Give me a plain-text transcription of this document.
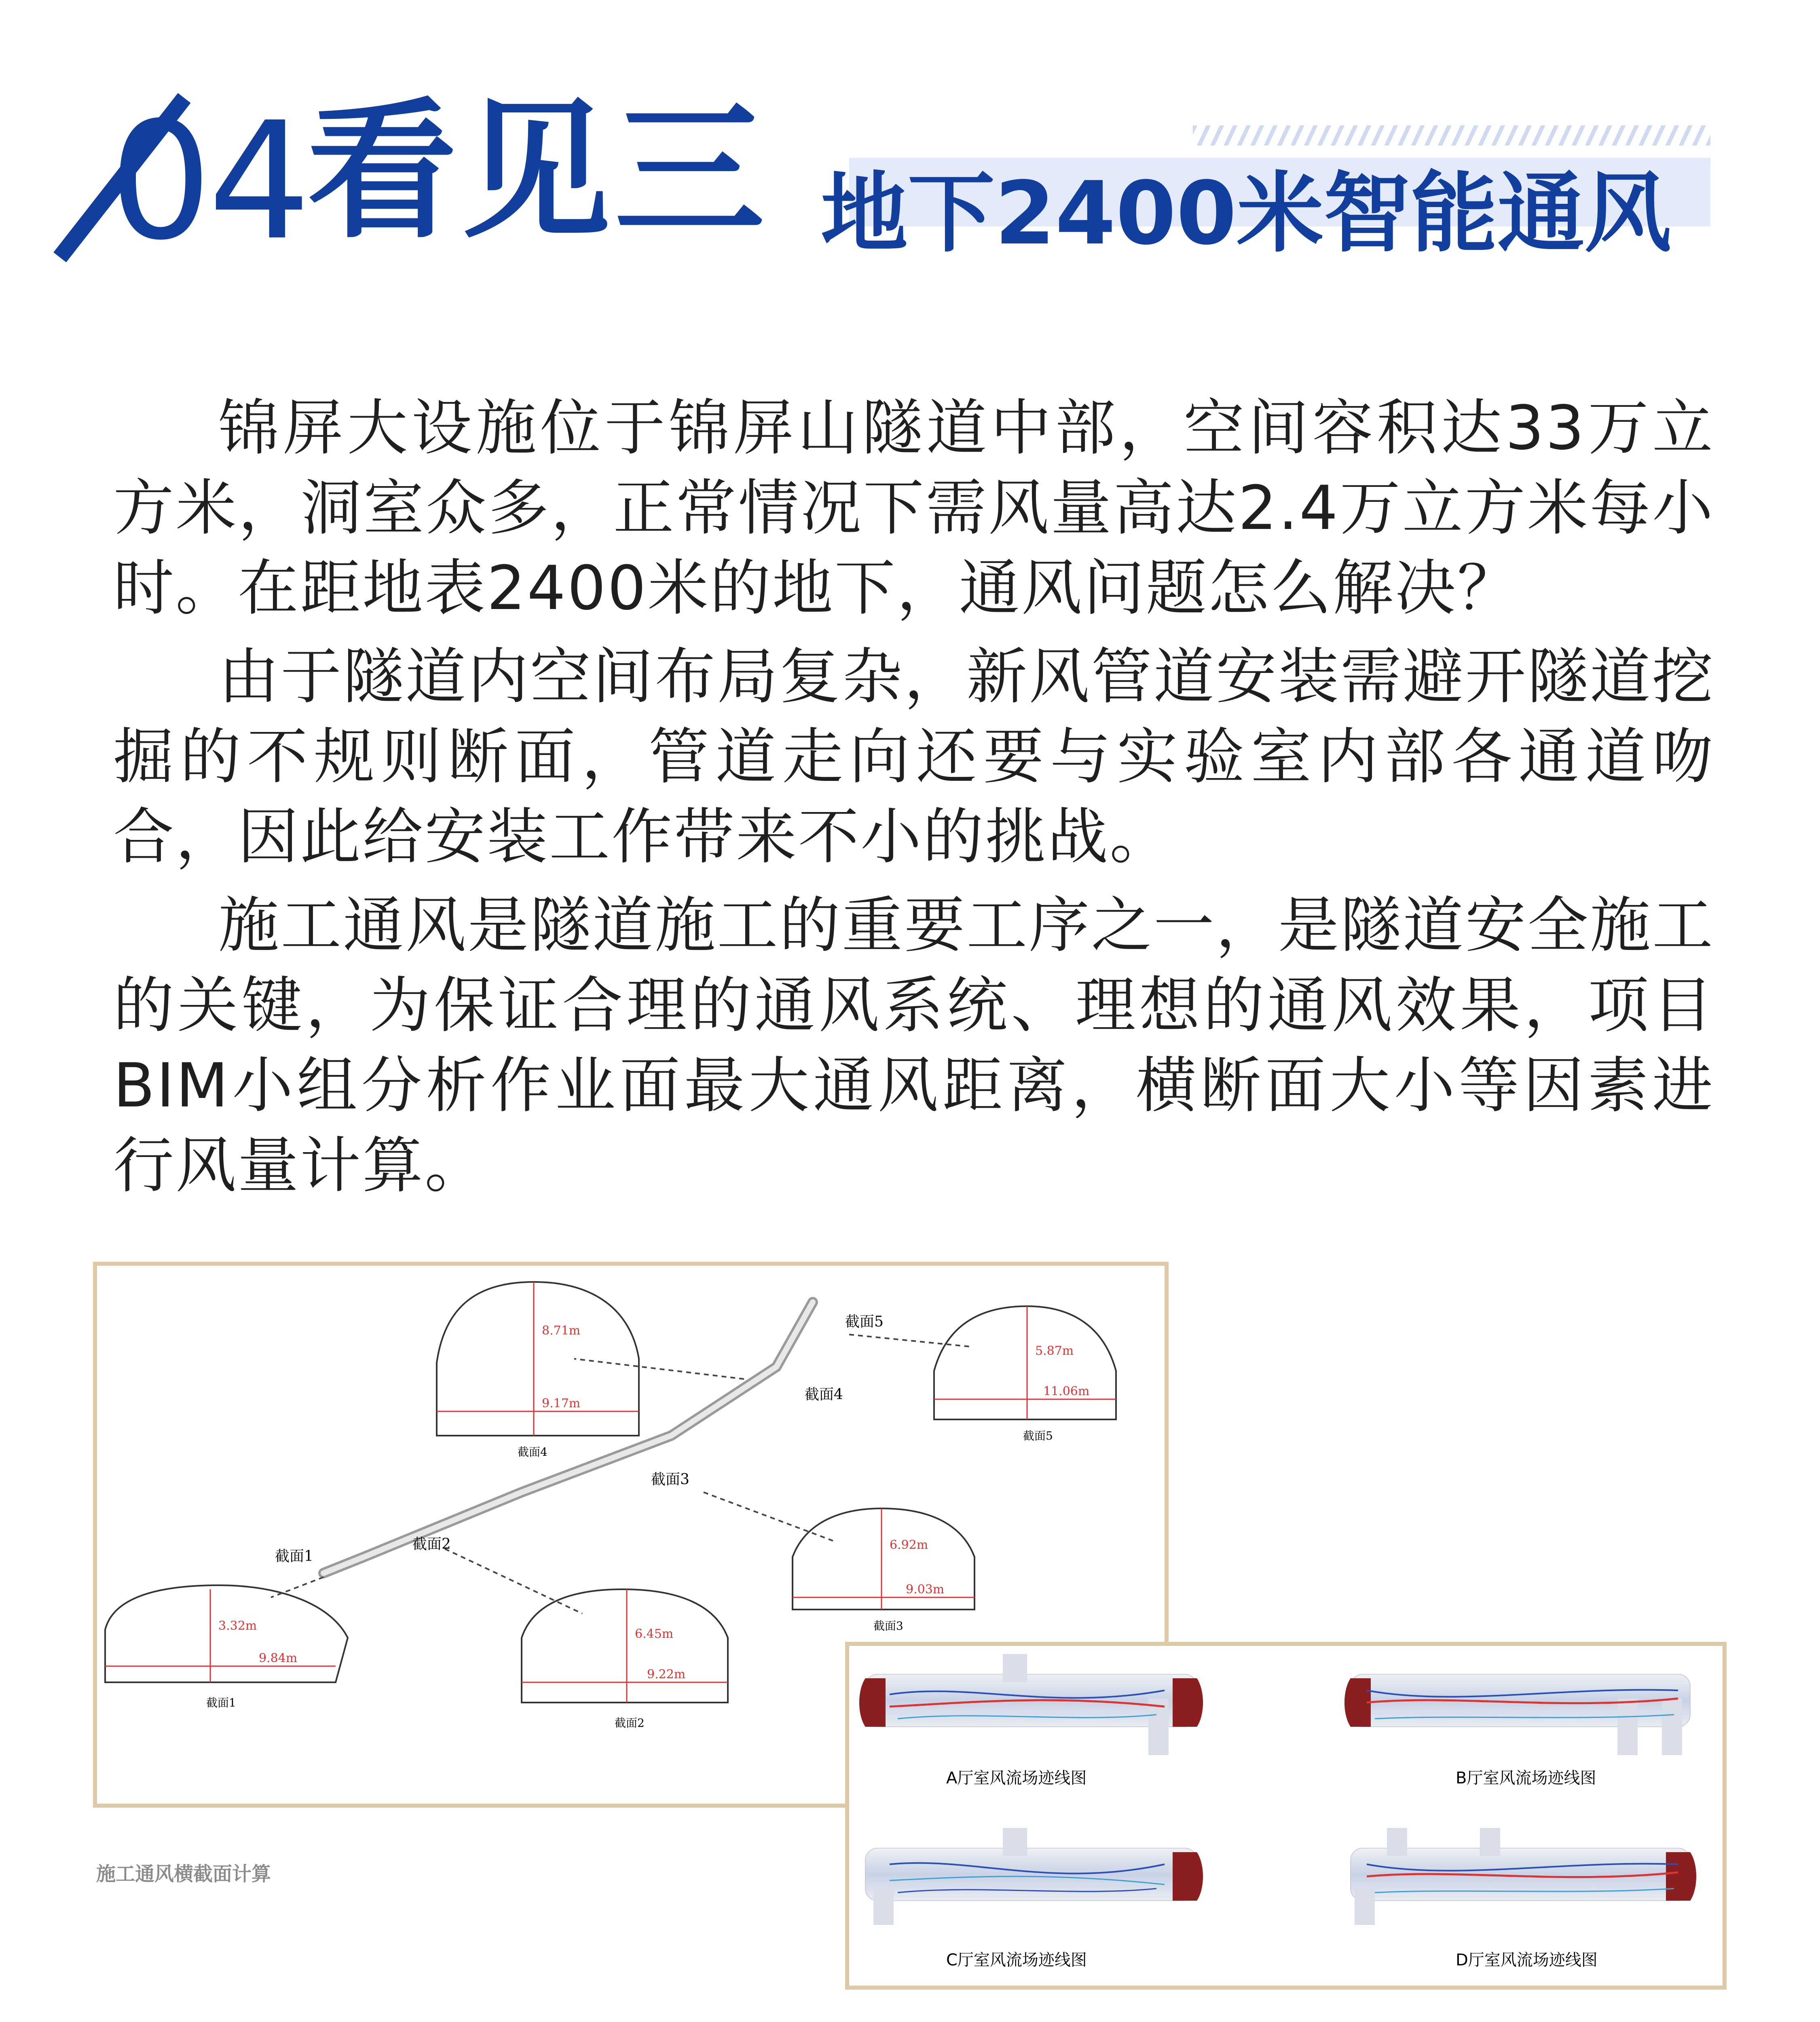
04 看见三 地下2400米智能通风

锦屏大设施位于锦屏山隧道中部，空间容积达33万立方米，洞室众多，正常情况下需风量高达2.4万立方米每小时。在距地表2400米的地下，通风问题怎么解决？

由于隧道内空间布局复杂，新风管道安装需避开隧道挖掘的不规则断面，管道走向还要与实验室内部各通道吻合，因此给安装工作带来不小的挑战。

施工通风是隧道施工的重要工序之一，是隧道安全施工的关键，为保证合理的通风系统、理想的通风效果，项目BIM小组分析作业面最大通风距离，横断面大小等因素进行风量计算。

截面1
截面2
截面3
截面4
截面5
截面1
截面2
截面3
截面4
截面5
3.32m
9.84m
6.45m
9.22m
6.92m
9.03m
8.71m
9.17m
5.87m
11.06m
施工通风横截面计算
A厅室风流场迹线图	B厅室风流场迹线图
C厅室风流场迹线图	D厅室风流场迹线图
